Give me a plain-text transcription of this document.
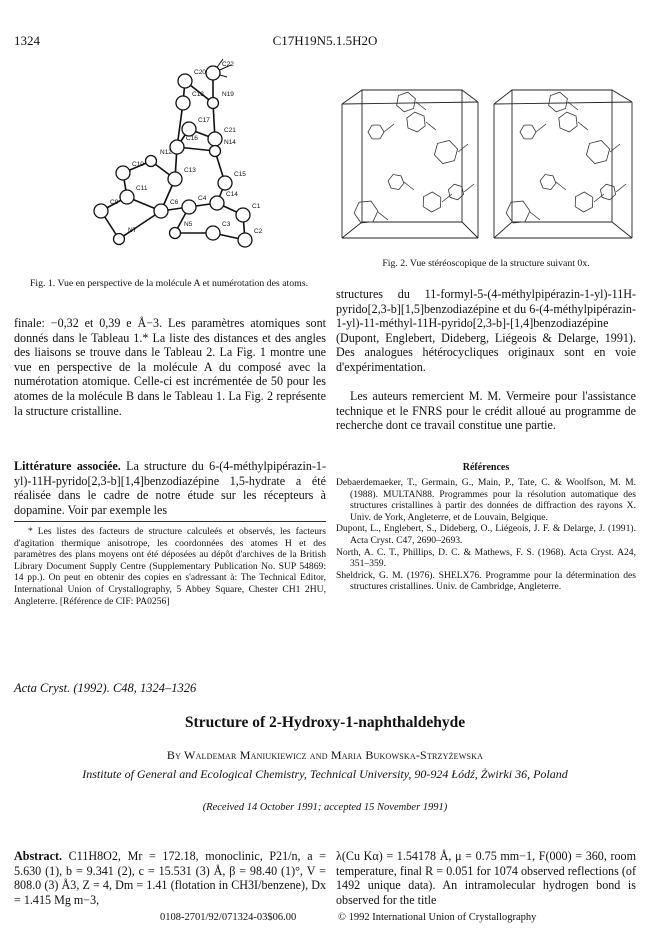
1324	C17H19N5.1.5H2O
C22
C20
C18	N19
C17
C21
C16
N14
N12
C10
C13
C15
C11
C6
C4
C14
C9
N7
N5	C3
C1
C2
Fig. 1. Vue en perspective de la molécule A et numérotation des atoms.
Fig. 2. Vue stéréoscopique de la structure suivant 0x.
finale: −0,32 et 0,39 e Å−3. Les paramètres atomiques sont donnés dans le Tableau 1.* La liste des distances et des angles des liaisons se trouve dans le Tableau 2. La Fig. 1 montre une vue en perspective de la molécule A du composé avec la numérotation atomique. Celle-ci est incrémentée de 50 pour les atomes de la molécule B dans le Tableau 1. La Fig. 2 représente la structure cristalline.
Littérature associée. La structure du 6-(4-méthylpipérazin-1-yl)-11H-pyrido[2,3-b][1,4]benzodiazépine 1,5-hydrate a été réalisée dans le cadre de notre étude sur les récepteurs à dopamine. Voir par exemple les
* Les listes des facteurs de structure calculeés et observés, les facteurs d'agitation thermique anisotrope, les coordonnées des atomes H et des paramètres des plans moyens ont été déposées au dépôt d'archives de la British Library Document Supply Centre (Supplementary Publication No. SUP 54869: 14 pp.). On peut en obtenir des copies en s'adressant à: The Technical Editor, International Union of Crystallography, 5 Abbey Square, Chester CH1 2HU, Angleterre. [Référence de CIF: PA0256]
structures du 11-formyl-5-(4-méthylpipérazin-1-yl)-11H-pyrido[2,3-b][1,5]benzodiazépine et du 6-(4-méthylpipérazin-1-yl)-11-méthyl-11H-pyrido[2,3-b]-[1,4]benzodiazépine (Dupont, Englebert, Dideberg, Liégeois & Delarge, 1991). Des analogues hétérocycliques originaux sont en voie d'expérimentation.
Les auteurs remercient M. M. Vermeire pour l'assistance technique et le FNRS pour le crédit alloué au programme de recherche dont ce travail constitue une partie.
Références

Debaerdemaeker, T., Germain, G., Main, P., Tate, C. & Woolfson, M. M. (1988). MULTAN88. Programmes pour la résolution automatique des structures cristallines à partir des données de diffraction des rayons X. Univ. de York, Angleterre, et de Louvain, Belgique.

Dupont, L., Englebert, S., Dideberg, O., Liégeois, J. F. & Delarge, J. (1991). Acta Cryst. C47, 2690–2693.

North, A. C. T., Phillips, D. C. & Mathews, F. S. (1968). Acta Cryst. A24, 351–359.

Sheldrick, G. M. (1976). SHELX76. Programme pour la détermination des structures cristallines. Univ. de Cambridge, Angleterre.

Acta Cryst. (1992). C48, 1324–1326
Structure of 2-Hydroxy-1-naphthaldehyde
By Waldemar Maniukiewicz and Maria Bukowska-Strzyżewska
Institute of General and Ecological Chemistry, Technical University, 90-924 Łódź, Żwirki 36, Poland
(Received 14 October 1991; accepted 15 November 1991)
Abstract. C11H8O2, Mr = 172.18, monoclinic, P21/n, a = 5.630 (1), b = 9.341 (2), c = 15.531 (3) Å, β = 98.40 (1)°, V = 808.0 (3) Å3, Z = 4, Dm = 1.41 (flotation in CH3I/benzene), Dx = 1.415 Mg m−3,
λ(Cu Kα) = 1.54178 Å, μ = 0.75 mm−1, F(000) = 360, room temperature, final R = 0.051 for 1074 observed reflections (of 1492 unique data). An intramolecular hydrogen bond is observed for the title
0108-2701/92/071324-03$06.00	© 1992 International Union of Crystallography
